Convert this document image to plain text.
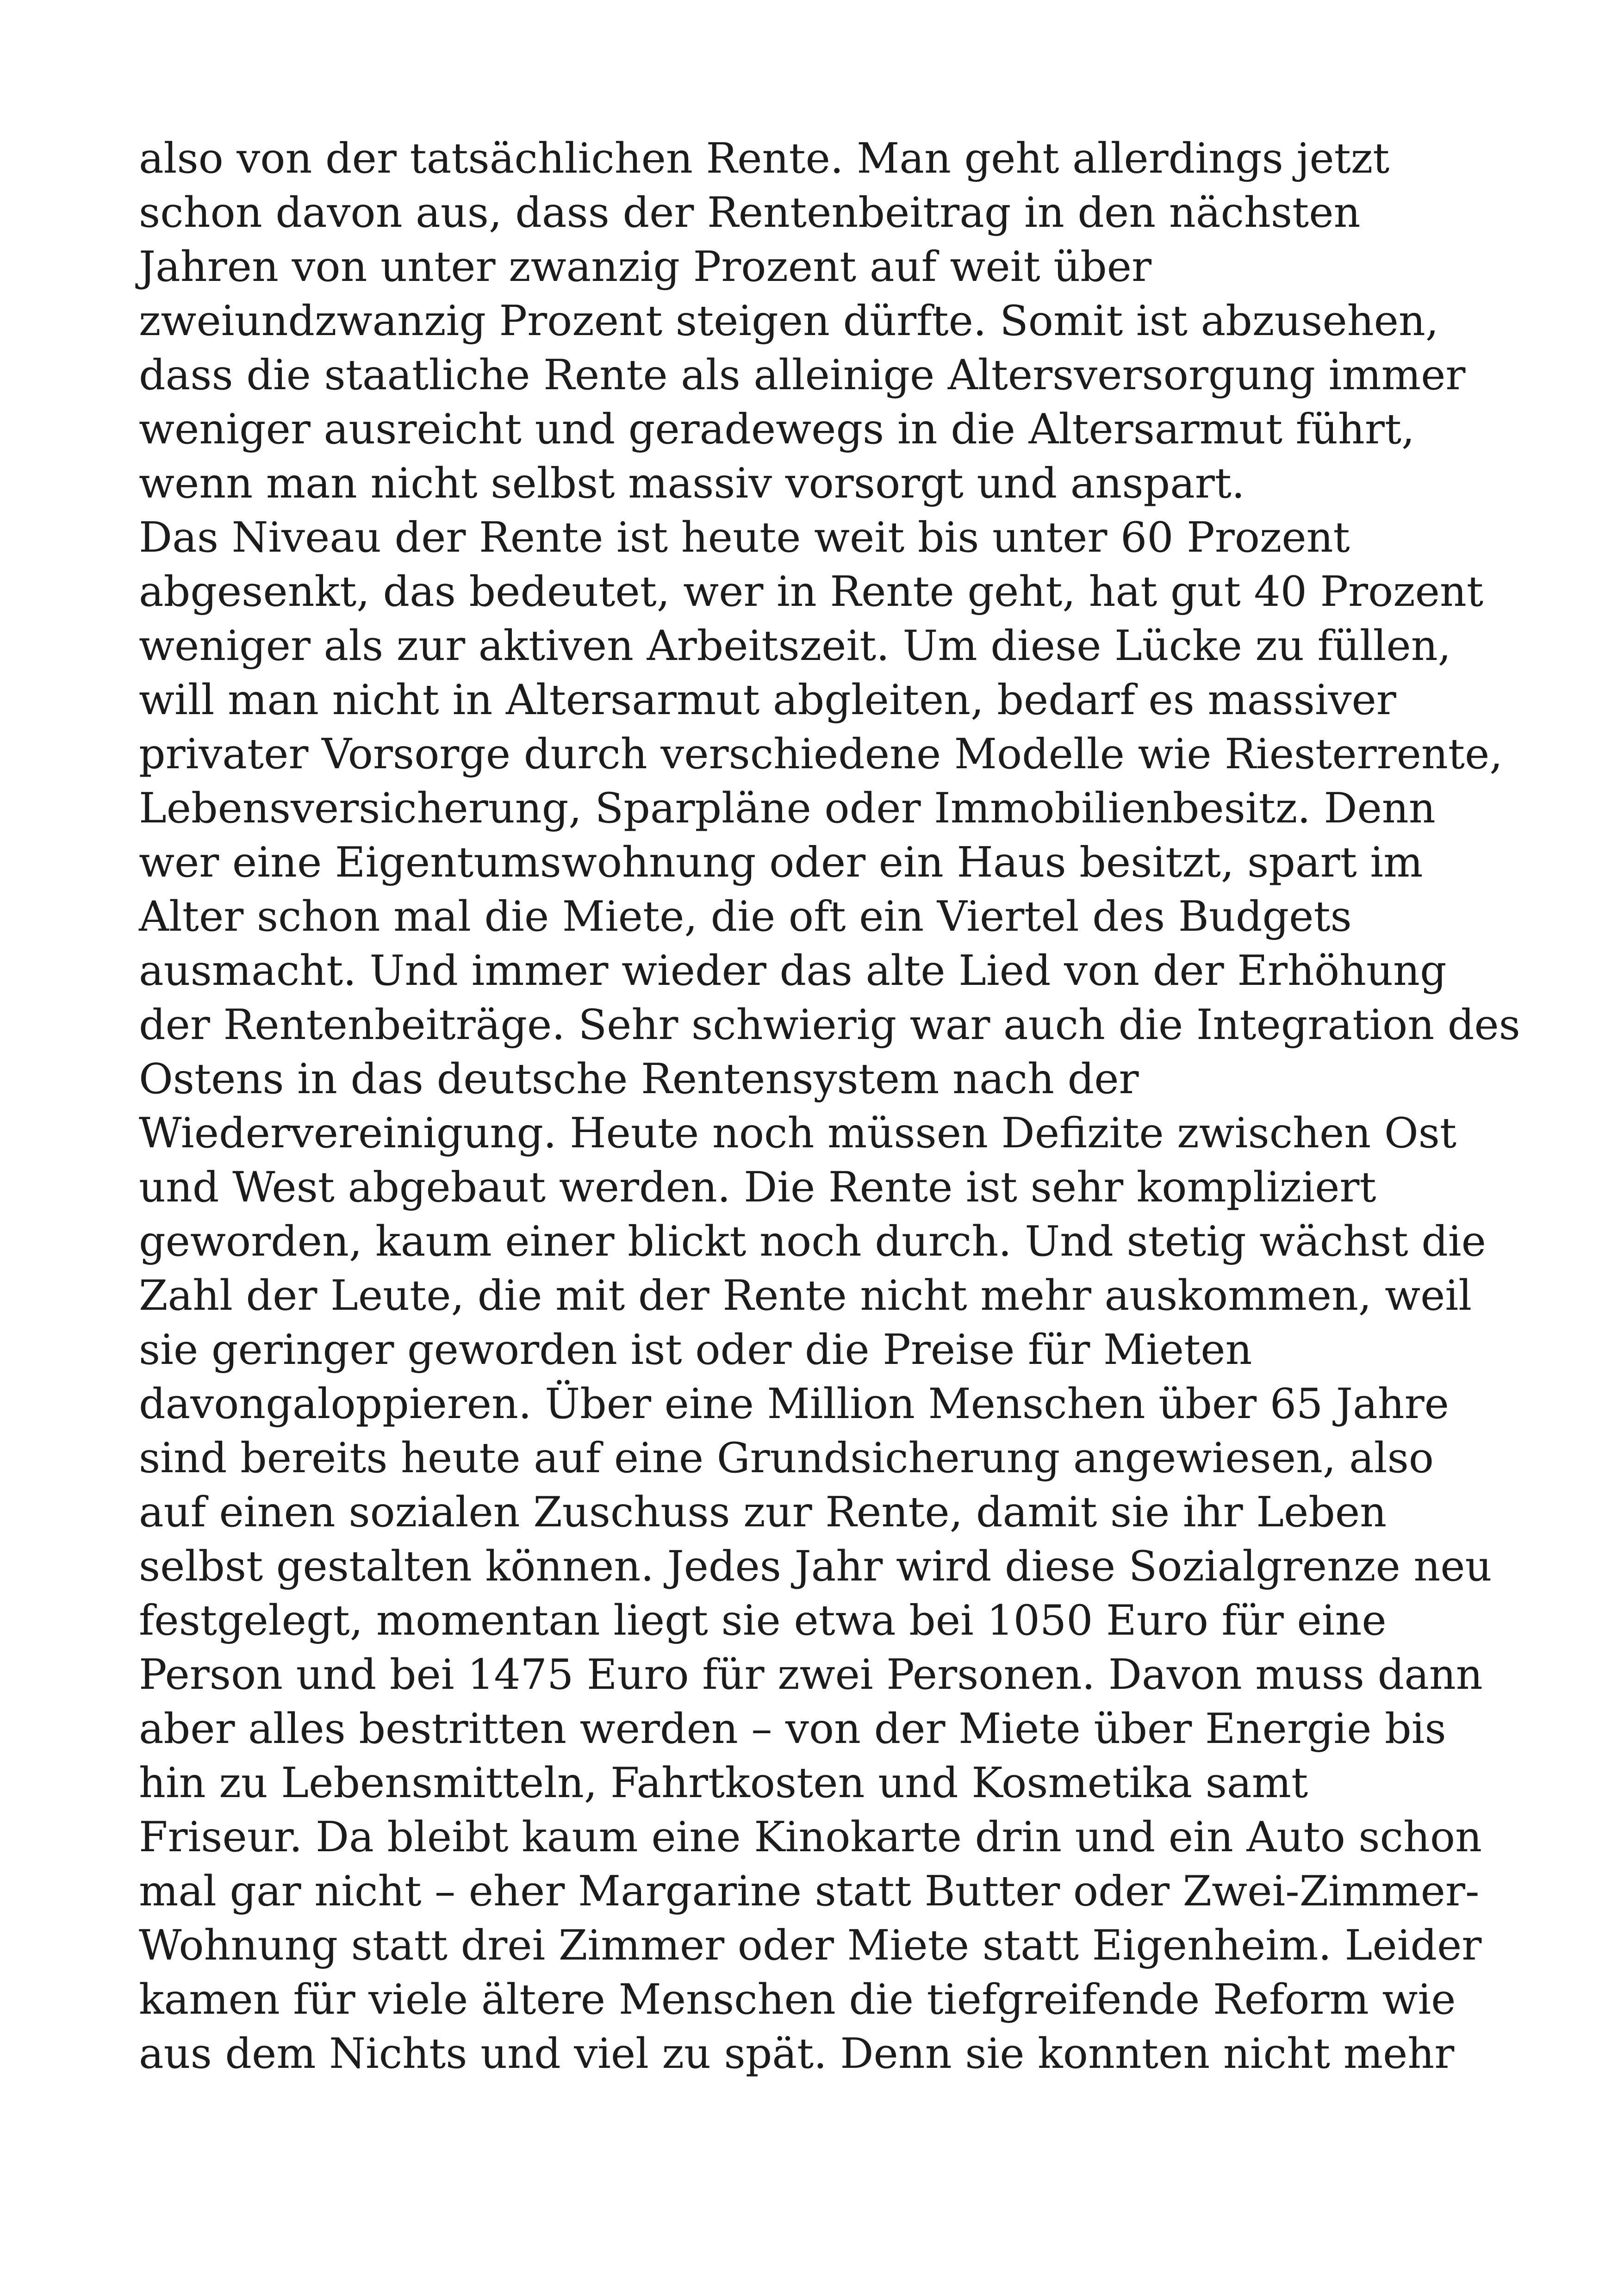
also von der tatsächlichen Rente. Man geht allerdings jetzt
schon davon aus, dass der Rentenbeitrag in den nächsten
Jahren von unter zwanzig Prozent auf weit über
zweiundzwanzig Prozent steigen dürfte. Somit ist abzusehen,
dass die staatliche Rente als alleinige Altersversorgung immer
weniger ausreicht und geradewegs in die Altersarmut führt,
wenn man nicht selbst massiv vorsorgt und anspart.
Das Niveau der Rente ist heute weit bis unter 60 Prozent
abgesenkt, das bedeutet, wer in Rente geht, hat gut 40 Prozent
weniger als zur aktiven Arbeitszeit. Um diese Lücke zu füllen,
will man nicht in Altersarmut abgleiten, bedarf es massiver
privater Vorsorge durch verschiedene Modelle wie Riesterrente,
Lebensversicherung, Sparpläne oder Immobilienbesitz. Denn
wer eine Eigentumswohnung oder ein Haus besitzt, spart im
Alter schon mal die Miete, die oft ein Viertel des Budgets
ausmacht. Und immer wieder das alte Lied von der Erhöhung
der Rentenbeiträge. Sehr schwierig war auch die Integration des
Ostens in das deutsche Rentensystem nach der
Wiedervereinigung. Heute noch müssen Defizite zwischen Ost
und West abgebaut werden. Die Rente ist sehr kompliziert
geworden, kaum einer blickt noch durch. Und stetig wächst die
Zahl der Leute, die mit der Rente nicht mehr auskommen, weil
sie geringer geworden ist oder die Preise für Mieten
davongaloppieren. Über eine Million Menschen über 65 Jahre
sind bereits heute auf eine Grundsicherung angewiesen, also
auf einen sozialen Zuschuss zur Rente, damit sie ihr Leben
selbst gestalten können. Jedes Jahr wird diese Sozialgrenze neu
festgelegt, momentan liegt sie etwa bei 1050 Euro für eine
Person und bei 1475 Euro für zwei Personen. Davon muss dann
aber alles bestritten werden – von der Miete über Energie bis
hin zu Lebensmitteln, Fahrtkosten und Kosmetika samt
Friseur. Da bleibt kaum eine Kinokarte drin und ein Auto schon
mal gar nicht – eher Margarine statt Butter oder Zwei-Zimmer-
Wohnung statt drei Zimmer oder Miete statt Eigenheim. Leider
kamen für viele ältere Menschen die tiefgreifende Reform wie
aus dem Nichts und viel zu spät. Denn sie konnten nicht mehr
